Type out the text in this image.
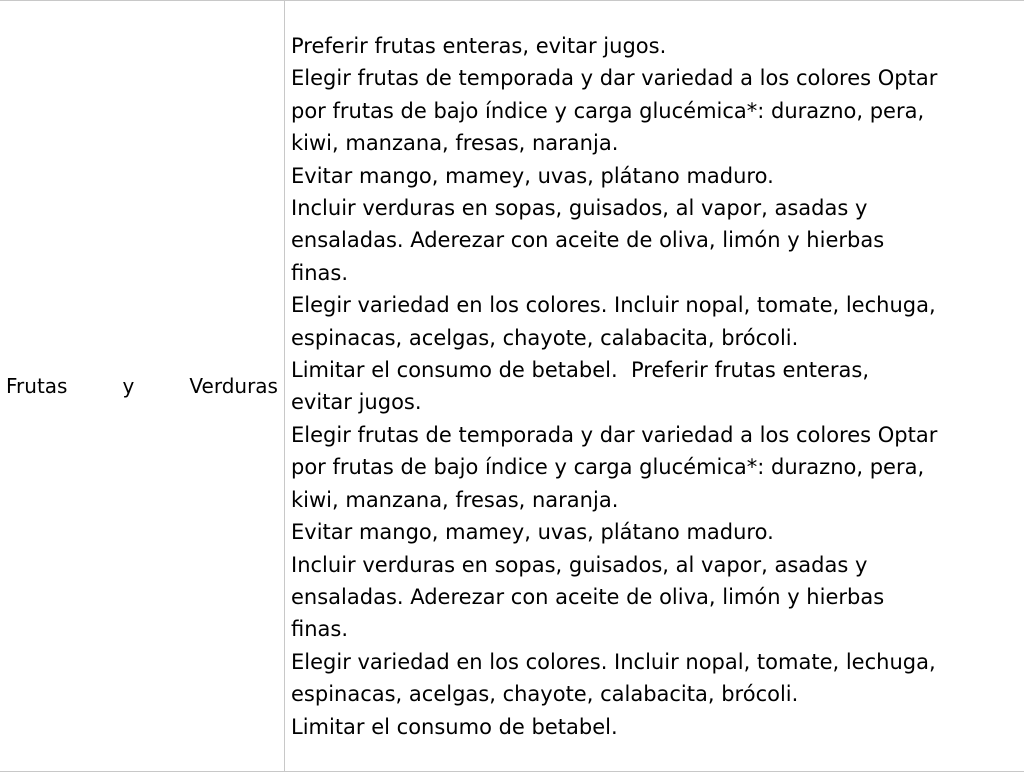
Frutas	y	Verduras

Preferir frutas enteras, evitar jugos.

Elegir frutas de temporada y dar variedad a los colores Optar

por frutas de bajo índice y carga glucémica*: durazno, pera,

kiwi, manzana, fresas, naranja.

Evitar mango, mamey, uvas, plátano maduro.

Incluir verduras en sopas, guisados, al vapor, asadas y

ensaladas. Aderezar con aceite de oliva, limón y hierbas

finas.

Elegir variedad en los colores. Incluir nopal, tomate, lechuga,

espinacas, acelgas, chayote, calabacita, brócoli.

Limitar el consumo de betabel.  Preferir frutas enteras,

evitar jugos.

Elegir frutas de temporada y dar variedad a los colores Optar

por frutas de bajo índice y carga glucémica*: durazno, pera,

kiwi, manzana, fresas, naranja.

Evitar mango, mamey, uvas, plátano maduro.

Incluir verduras en sopas, guisados, al vapor, asadas y

ensaladas. Aderezar con aceite de oliva, limón y hierbas

finas.

Elegir variedad en los colores. Incluir nopal, tomate, lechuga,

espinacas, acelgas, chayote, calabacita, brócoli.

Limitar el consumo de betabel.
